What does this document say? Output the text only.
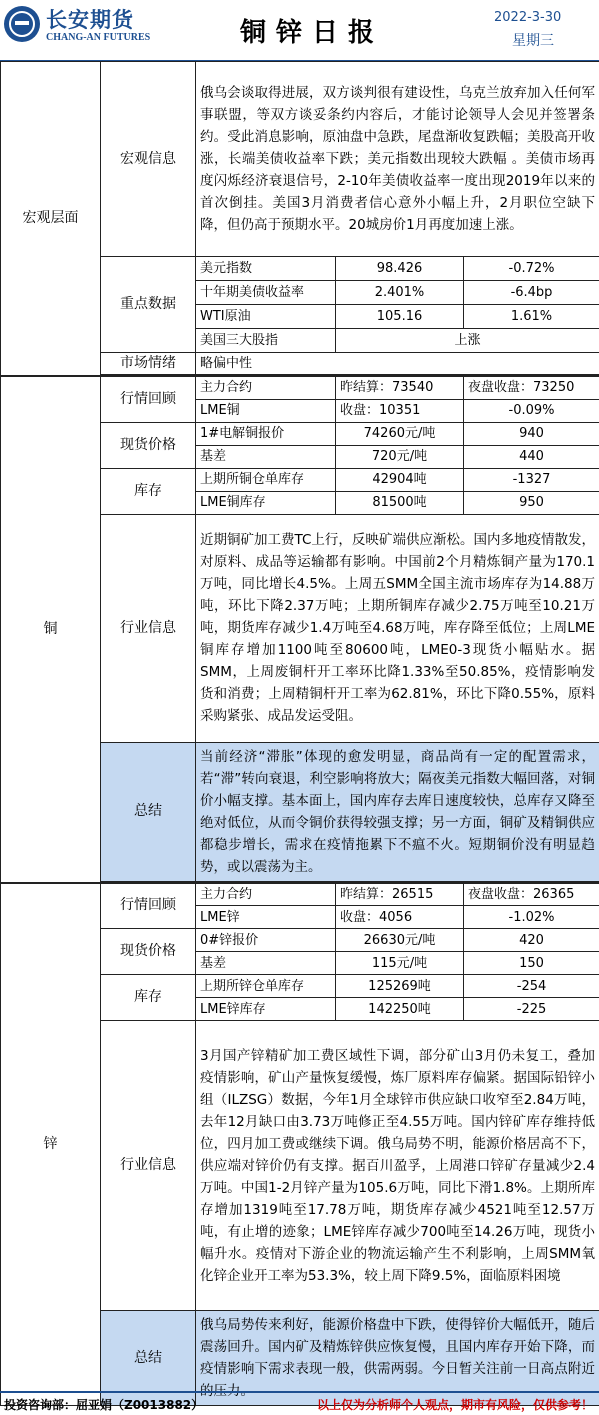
长安期货
CHANG-AN FUTURES	铜锌日报
2022-3-30
星期三
宏观层面	宏观信息	俄乌会谈取得进展，双方谈判很有建设性，乌克兰放弃加入任何军事联盟，等双方谈妥条约内容后，才能讨论领导人会见并签署条约。受此消息影响，原油盘中急跌，尾盘渐收复跌幅；美股高开收涨，长端美债收益率下跌；美元指数出现较大跌幅 。美债市场再度闪烁经济衰退信号，2-10年美债收益率一度出现2019年以来的首次倒挂。美国3月消费者信心意外小幅上升，2月职位空缺下降，但仍高于预期水平。20城房价1月再度加速上涨。		
	重点数据	美元指数	98.426	-0.72%
		十年期美债收益率	2.401%	-6.4bp
		WTI原油	105.16	1.61%
		美国三大股指	上涨	
	市场情绪	略偏中性		

铜	行情回顾	主力合约	昨结算：73540	夜盘收盘：73250
		LME铜	收盘：10351	-0.09%
	现货价格	1#电解铜报价	74260元/吨	940
		基差	720元/吨	440
	库存	上期所铜仓单库存	42904吨	-1327
		LME铜库存	81500吨	950
	行业信息	近期铜矿加工费TC上行，反映矿端供应渐松。国内多地疫情散发，对原料、成品等运输都有影响。中国前2个月精炼铜产量为170.1万吨，同比增长4.5%。上周五SMM全国主流市场库存为14.88万吨，环比下降2.37万吨；上期所铜库存减少2.75万吨至10.21万吨，期货库存减少1.4万吨至4.68万吨，库存降至低位；上周LME铜库存增加1100吨至80600吨，LME0-3现货小幅贴水。据SMM，上周废铜杆开工率环比降1.33%至50.85%，疫情影响发货和消费；上周精铜杆开工率为62.81%，环比下降0.55%，原料采购紧张、成品发运受阻。		
	总结	当前经济“滞胀”体现的愈发明显，商品尚有一定的配置需求，若“滞”转向衰退，利空影响将放大；隔夜美元指数大幅回落，对铜价小幅支撑。基本面上，国内库存去库日速度较快，总库存又降至绝对低位，从而令铜价获得较强支撑；另一方面，铜矿及精铜供应都稳步增长，需求在疫情拖累下不瘟不火。短期铜价没有明显趋势，或以震荡为主。		

锌	行情回顾	主力合约	昨结算：26515	夜盘收盘：26365
		LME锌	收盘：4056	-1.02%
	现货价格	0#锌报价	26630元/吨	420
		基差	115元/吨	150
	库存	上期所锌仓单库存	125269吨	-254
		LME锌库存	142250吨	-225
	行业信息	3月国产锌精矿加工费区域性下调，部分矿山3月仍未复工，叠加疫情影响，矿山产量恢复缓慢，炼厂原料库存偏紧。据国际铅锌小组（ILZSG）数据，今年1月全球锌市供应缺口收窄至2.84万吨，去年12月缺口由3.73万吨修正至4.55万吨。国内锌矿库存维持低位，四月加工费或继续下调。俄乌局势不明，能源价格居高不下，供应端对锌价仍有支撑。据百川盈孚，上周港口锌矿存量减少2.4万吨。中国1-2月锌产量为105.6万吨，同比下滑1.8%。上期所库存增加1319吨至17.78万吨，期货库存减少4521吨至12.57万吨，有止增的迹象；LME锌库存减少700吨至14.26万吨，现货小幅升水。疫情对下游企业的物流运输产生不利影响，上周SMM氧化锌企业开工率为53.3%，较上周下降9.5%，面临原料困境		
	总结	俄乌局势传来利好，能源价格盘中下跌，使得锌价大幅低开，随后震荡回升。国内矿及精炼锌供应恢复慢，且国内库存开始下降，而疫情影响下需求表现一般，供需两弱。今日暂关注前一日高点附近的压力。		
投资咨询部：屈亚娟（Z0013882）	以上仅为分析师个人观点，期市有风险，仅供参考！
